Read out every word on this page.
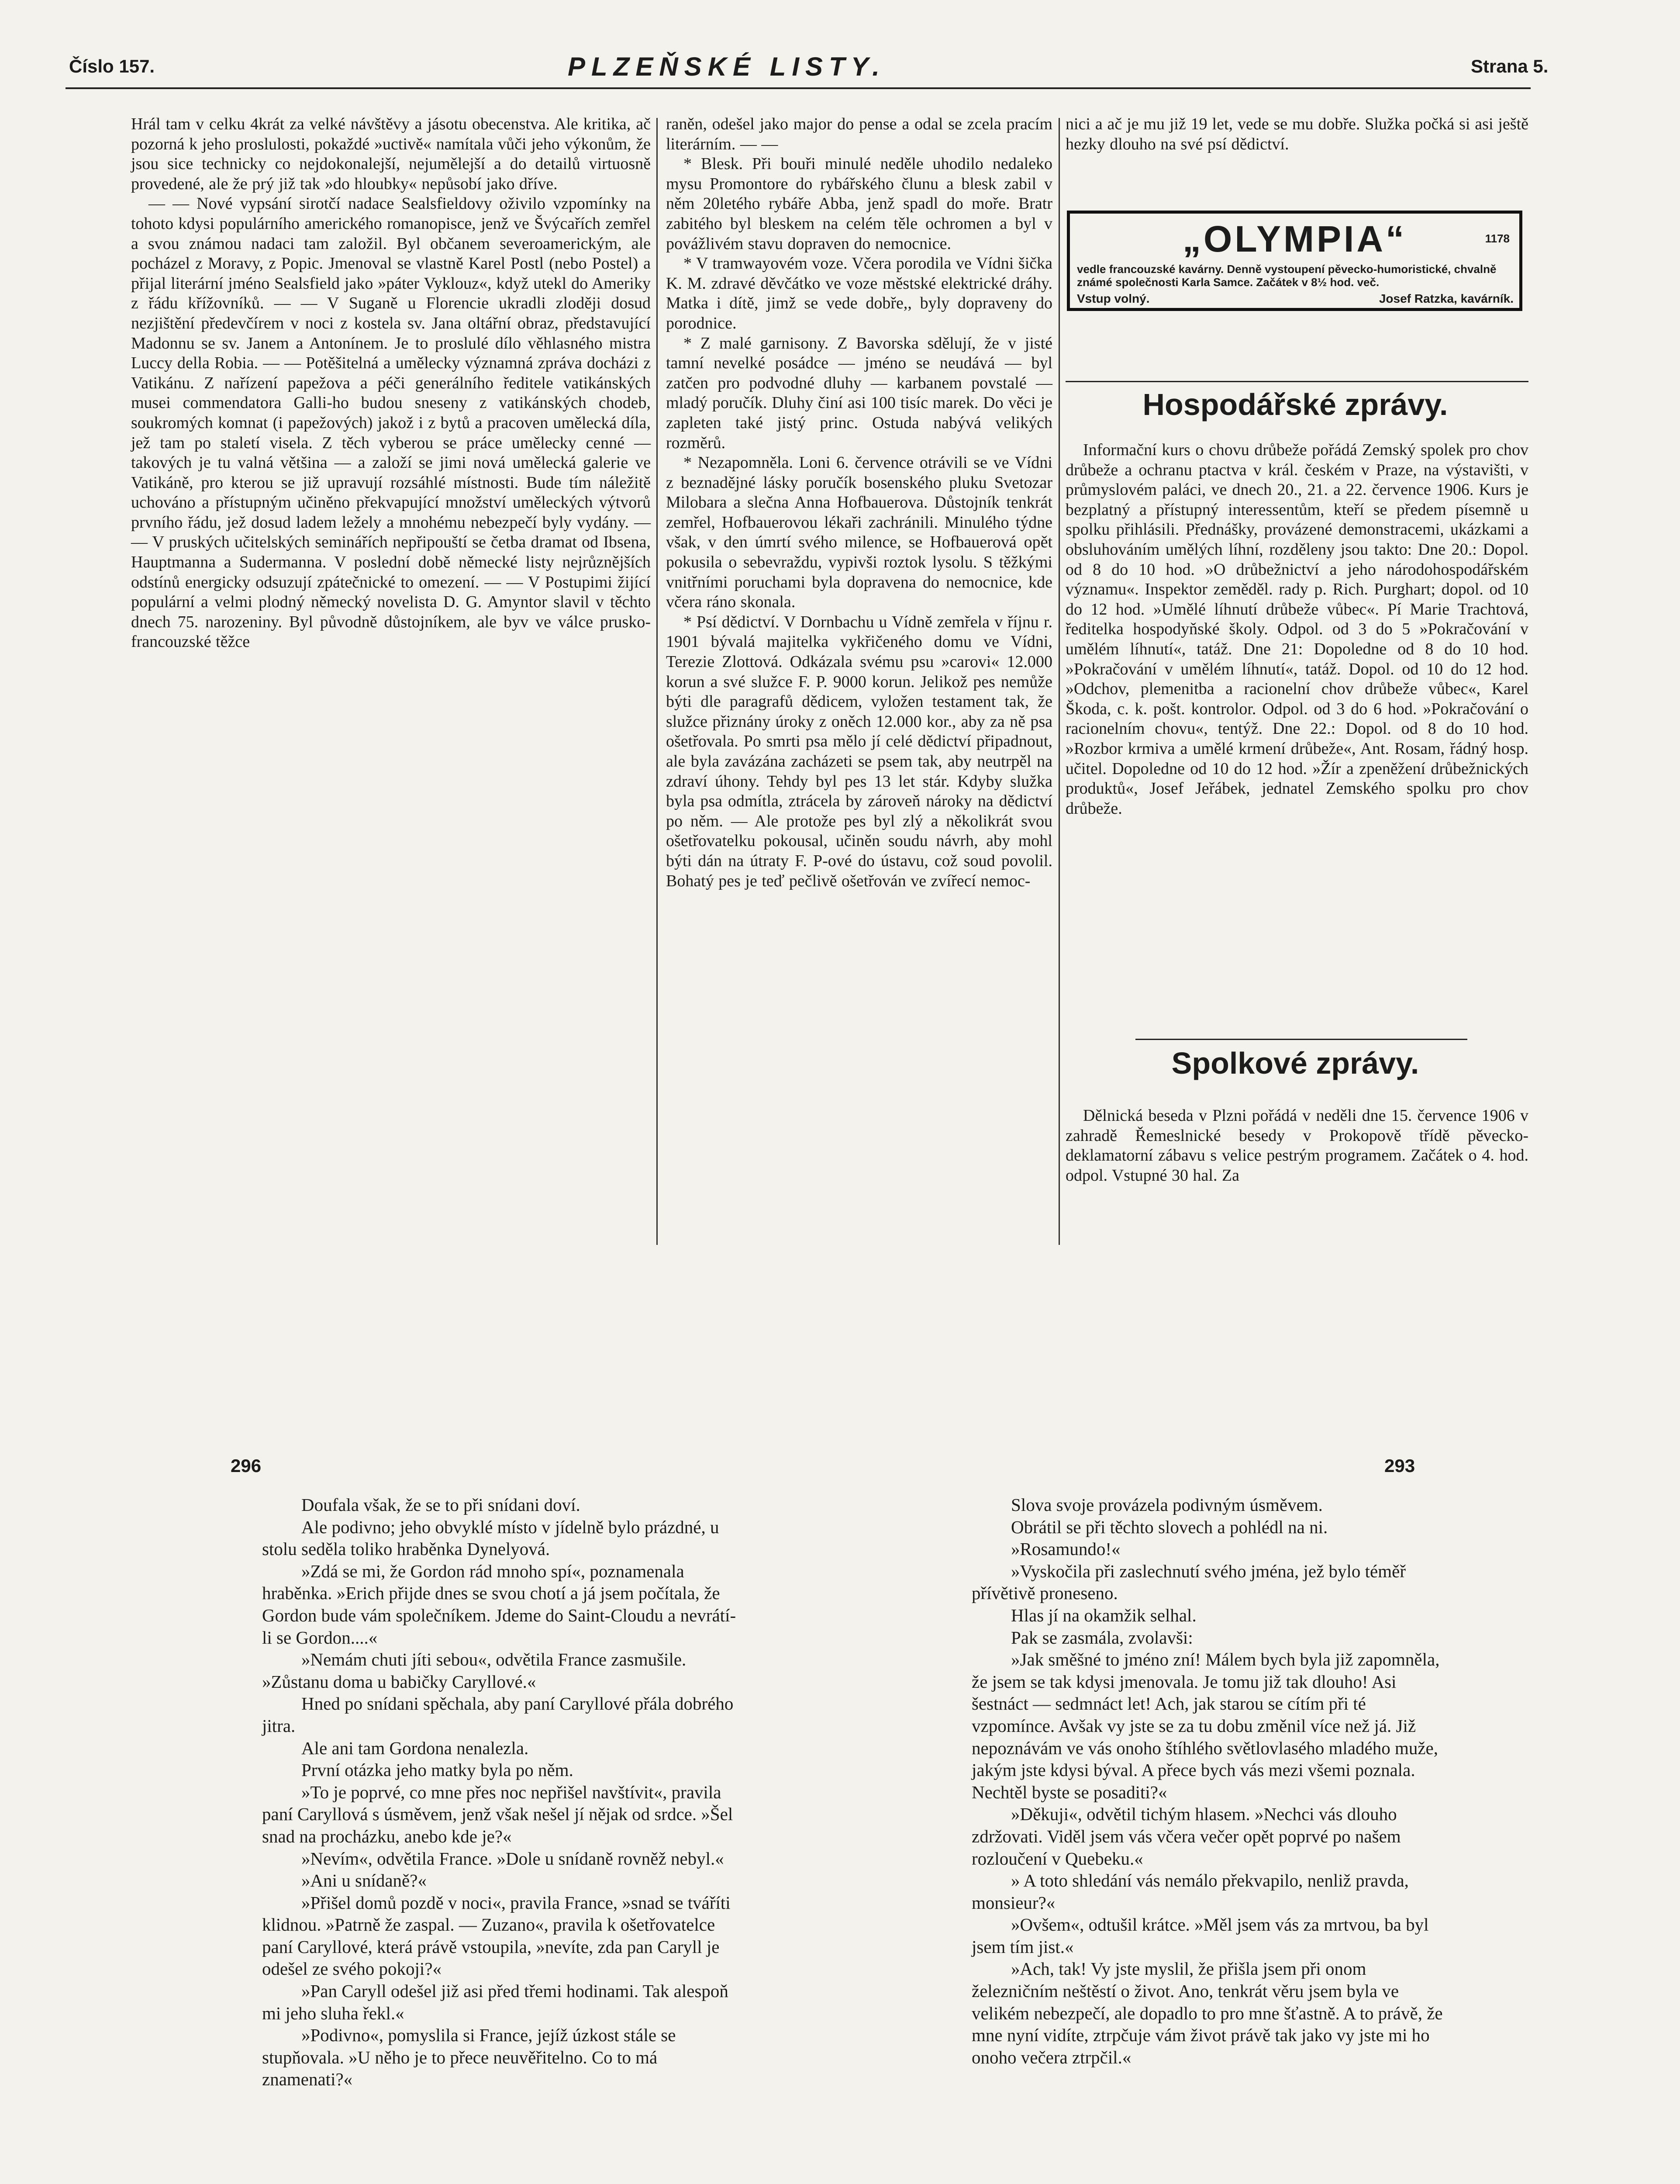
Číslo 157.	PLZEŇSKÉ LISTY.	Strana 5.

Hrál tam v celku 4krát za velké návštěvy a jásotu obecenstva. Ale kritika, ač pozorná k jeho proslulosti, pokaždé »uctivě« namítala vůči jeho výkonům, že jsou sice technicky co nejdokonalejší, nejumělejší a do detailů virtuosně provedené, ale že prý již tak »do hloubky« nepůsobí jako dříve.

— — Nové vypsání sirotčí nadace Sealsfieldovy oživilo vzpomínky na tohoto kdysi populárního amerického romanopisce, jenž ve Švýcařích zemřel a svou známou nadaci tam založil. Byl občanem severoamerickým, ale pocházel z Moravy, z Popic. Jmenoval se vlastně Karel Postl (nebo Postel) a přijal literární jméno Sealsfield jako »páter Vyklouz«, když utekl do Ameriky z řádu křížovníků. — — V Suganě u Florencie ukradli zloději dosud nezjištění předevčírem v noci z kostela sv. Jana oltářní obraz, představující Madonnu se sv. Janem a Antonínem. Je to proslulé dílo věhlasného mistra Luccy della Robia. — — Potěšitelná a umělecky významná zpráva docházi z Vatikánu. Z nařízení papežova a péči generálního ředitele vatikánských musei commendatora Galli-ho budou sneseny z vatikánských chodeb, soukromých komnat (i papežových) jakož i z bytů a pracoven umělecká díla, jež tam po staletí visela. Z těch vyberou se práce umělecky cenné — takových je tu valná většina — a založí se jimi nová umělecká galerie ve Vatikáně, pro kterou se již upravují rozsáhlé místnosti. Bude tím náležitě uchováno a přístupným učiněno překvapující množství uměleckých výtvorů prvního řádu, jež dosud ladem ležely a mnohému nebezpečí byly vydány. — — V pruských učitelských seminářích nepřipouští se četba dramat od Ibsena, Hauptmanna a Sudermanna. V poslední době německé listy nejrůznějších odstínů energicky odsuzují zpátečnické to omezení. — — V Postupimi žijící populární a velmi plodný německý novelista D. G. Amyntor slavil v těchto dnech 75. narozeniny. Byl původně důstojníkem, ale byv ve válce prusko-francouzské těžce

raněn, odešel jako major do pense a odal se zcela pracím literárním. — —

* Blesk. Při bouři minulé neděle uhodilo nedaleko mysu Promontore do rybářského člunu a blesk zabil v něm 20letého rybáře Abba, jenž spadl do moře. Bratr zabitého byl bleskem na celém těle ochromen a byl v povážlivém stavu dopraven do nemocnice.

* V tramwayovém voze. Včera porodila ve Vídni šička K. M. zdravé děvčátko ve voze městské elektrické dráhy. Matka i dítě, jimž se vede dobře,, byly dopraveny do porodnice.

* Z malé garnisony. Z Bavorska sdělují, že v jisté tamní nevelké posádce — jméno se neudává — byl zatčen pro podvodné dluhy — karbanem povstalé — mladý poručík. Dluhy činí asi 100 tisíc marek. Do věci je zapleten také jistý princ. Ostuda nabývá velikých rozměrů.

* Nezapomněla. Loni 6. července otrávili se ve Vídni z beznadějné lásky poručík bosenského pluku Svetozar Milobara a slečna Anna Hofbauerova. Důstojník tenkrát zemřel, Hofbauerovou lékaři zachránili. Minulého týdne však, v den úmrtí svého milence, se Hofbauerová opět pokusila o sebevraždu, vypivši roztok lysolu. S těžkými vnitřními poruchami byla dopravena do nemocnice, kde včera ráno skonala.

* Psí dědictví. V Dornbachu u Vídně zemřela v říjnu r. 1901 bývalá majitelka vykřičeného domu ve Vídni, Terezie Zlottová. Odkázala svému psu »carovi« 12.000 korun a své služce F. P. 9000 korun. Jelikož pes nemůže býti dle paragrafů dědicem, vyložen testament tak, že služce přiznány úroky z oněch 12.000 kor., aby za ně psa ošetřovala. Po smrti psa mělo jí celé dědictví připadnout, ale byla zavázána zacházeti se psem tak, aby neutrpěl na zdraví úhony. Tehdy byl pes 13 let stár. Kdyby služka byla psa odmítla, ztrácela by zároveň nároky na dědictví po něm. — Ale protože pes byl zlý a několikrát svou ošetřovatelku pokousal, učiněn soudu návrh, aby mohl býti dán na útraty F. P-ové do ústavu, což soud povolil. Bohatý pes je teď pečlivě ošetřován ve zvířecí nemoc-

nici a ač je mu již 19 let, vede se mu dobře. Služka počká si asi ještě hezky dlouho na své psí dědictví.

„OLYMPIA“	1178
vedle francouzské kavárny. Denně vystoupení pěvecko-humoristické, chvalně známé společnosti Karla Samce. Začátek v 8½ hod. več.
Vstup volný.	Josef Ratzka, kavárník.
Hospodářské zprávy.

Informační kurs o chovu drůbeže pořádá Zemský spolek pro chov drůbeže a ochranu ptactva v král. českém v Praze, na výstavišti, v průmyslovém paláci, ve dnech 20., 21. a 22. července 1906. Kurs je bezplatný a přístupný interessentům, kteří se předem písemně u spolku přihlásili. Přednášky, provázené demonstracemi, ukázkami a obsluhováním umělých líhní, rozděleny jsou takto: Dne 20.: Dopol. od 8 do 10 hod. »O drůbežnictví a jeho národohospodářském významu«. Inspektor zeměděl. rady p. Rich. Purghart; dopol. od 10 do 12 hod. »Umělé líhnutí drůbeže vůbec«. Pí Marie Trachtová, ředitelka hospodyňské školy. Odpol. od 3 do 5 »Pokračování v umělém líhnutí«, tatáž. Dne 21: Dopoledne od 8 do 10 hod. »Pokračování v umělém líhnutí«, tatáž. Dopol. od 10 do 12 hod. »Odchov, plemenitba a racionelní chov drůbeže vůbec«, Karel Škoda, c. k. pošt. kontrolor. Odpol. od 3 do 6 hod. »Pokračování o racionelním chovu«, tentýž. Dne 22.: Dopol. od 8 do 10 hod. »Rozbor krmiva a umělé krmení drůbeže«, Ant. Rosam, řádný hosp. učitel. Dopoledne od 10 do 12 hod. »Žír a zpeněžení drůbežnických produktů«, Josef Jeřábek, jednatel Zemského spolku pro chov drůbeže.

Spolkové zprávy.

Dělnická beseda v Plzni pořádá v neděli dne 15. července 1906 v zahradě Řemeslnické besedy v Prokopově třídě pěvecko-deklamatorní zábavu s velice pestrým programem. Začátek o 4. hod. odpol. Vstupné 30 hal. Za

296	293

Doufala však, že se to při snídani doví.

Ale podivno; jeho obvyklé místo v jídelně bylo prázdné, u stolu seděla toliko hraběnka Dynelyová.

»Zdá se mi, že Gordon rád mnoho spí«, poznamenala hraběnka. »Erich přijde dnes se svou chotí a já jsem počítala, že Gordon bude vám společníkem. Jdeme do Saint-Cloudu a nevrátí-li se Gordon....«

»Nemám chuti jíti sebou«, odvětila France zasmušile. »Zůstanu domа u babičky Caryllové.«

Hned po snídani spěchala, aby paní Caryllové přála dobrého jitra.

Ale ani tam Gordona nenalezla.

První otázka jeho matky byla po něm.

»To je poprvé, co mne přes noc nepřišel navštívit«, pravila paní Caryllová s úsměvem, jenž však nešel jí nějak od srdce. »Šel snad na procházku, anebo kde je?«

»Nevím«, odvětila France. »Dole u snídaně rovněž nebyl.«

»Ani u snídaně?«

»Přišel domů pozdě v noci«, pravila France, »snad se tváříti klidnou. »Patrně že zaspal. — Zuzano«, pravila k ošetřovatelce paní Caryllové, která právě vstoupila, »nevíte, zda pan Caryll je odešel ze svého pokoji?«

»Pan Caryll odešel již asi před třemi hodinami. Tak alespoň mi jeho sluha řekl.«

»Podivno«, pomyslila si France, jejíž úzkost stále se stupňovala. »U něho je to přece neuvěřitelno. Co to má znamenati?«

Slova svoje provázela podivným úsměvem.

Obrátil se při těchto slovech a pohlédl na ni.

»Rosamundo!«

»Vyskočila při zaslechnutí svého jména, jež bylo téměř přívětivě proneseno.

Hlas jí na okamžik selhal.

Pak se zasmála, zvolavši:

»Jak směšné to jméno zní! Málem bych byla již zapomněla, že jsem se tak kdysi jmenovala. Je tomu již tak dlouho! Asi šestnáct — sedmnáct let! Ach, jak starou se cítím při té vzpomínce. Avšak vy jste se za tu dobu změnil více než já. Již nepoznávám ve vás onoho štíhlého světlovlasého mladého muže, jakým jste kdysi býval. A přece bych vás mezi všemi poznala. Nechtěl byste se posaditi?«

»Děkuji«, odvětil tichým hlasem. »Nechci vás dlouho zdržovati. Viděl jsem vás včera večer opět poprvé po našem rozloučení v Quebeku.«

» A toto shledání vás nemálo překvapilo, nenliž pravda, monsieur?«

»Ovšem«, odtušil krátce. »Měl jsem vás za mrtvou, ba byl jsem tím jist.«

»Ach, tak! Vy jste myslil, že přišla jsem při onom železničním neštěstí o život. Ano, tenkrát věru jsem byla ve velikém nebezpečí, ale dopadlo to pro mne šťastně. A to právě, že mne nyní vidíte, ztrpčuje vám život právě tak jako vy jste mi ho onoho večera ztrpčil.«
